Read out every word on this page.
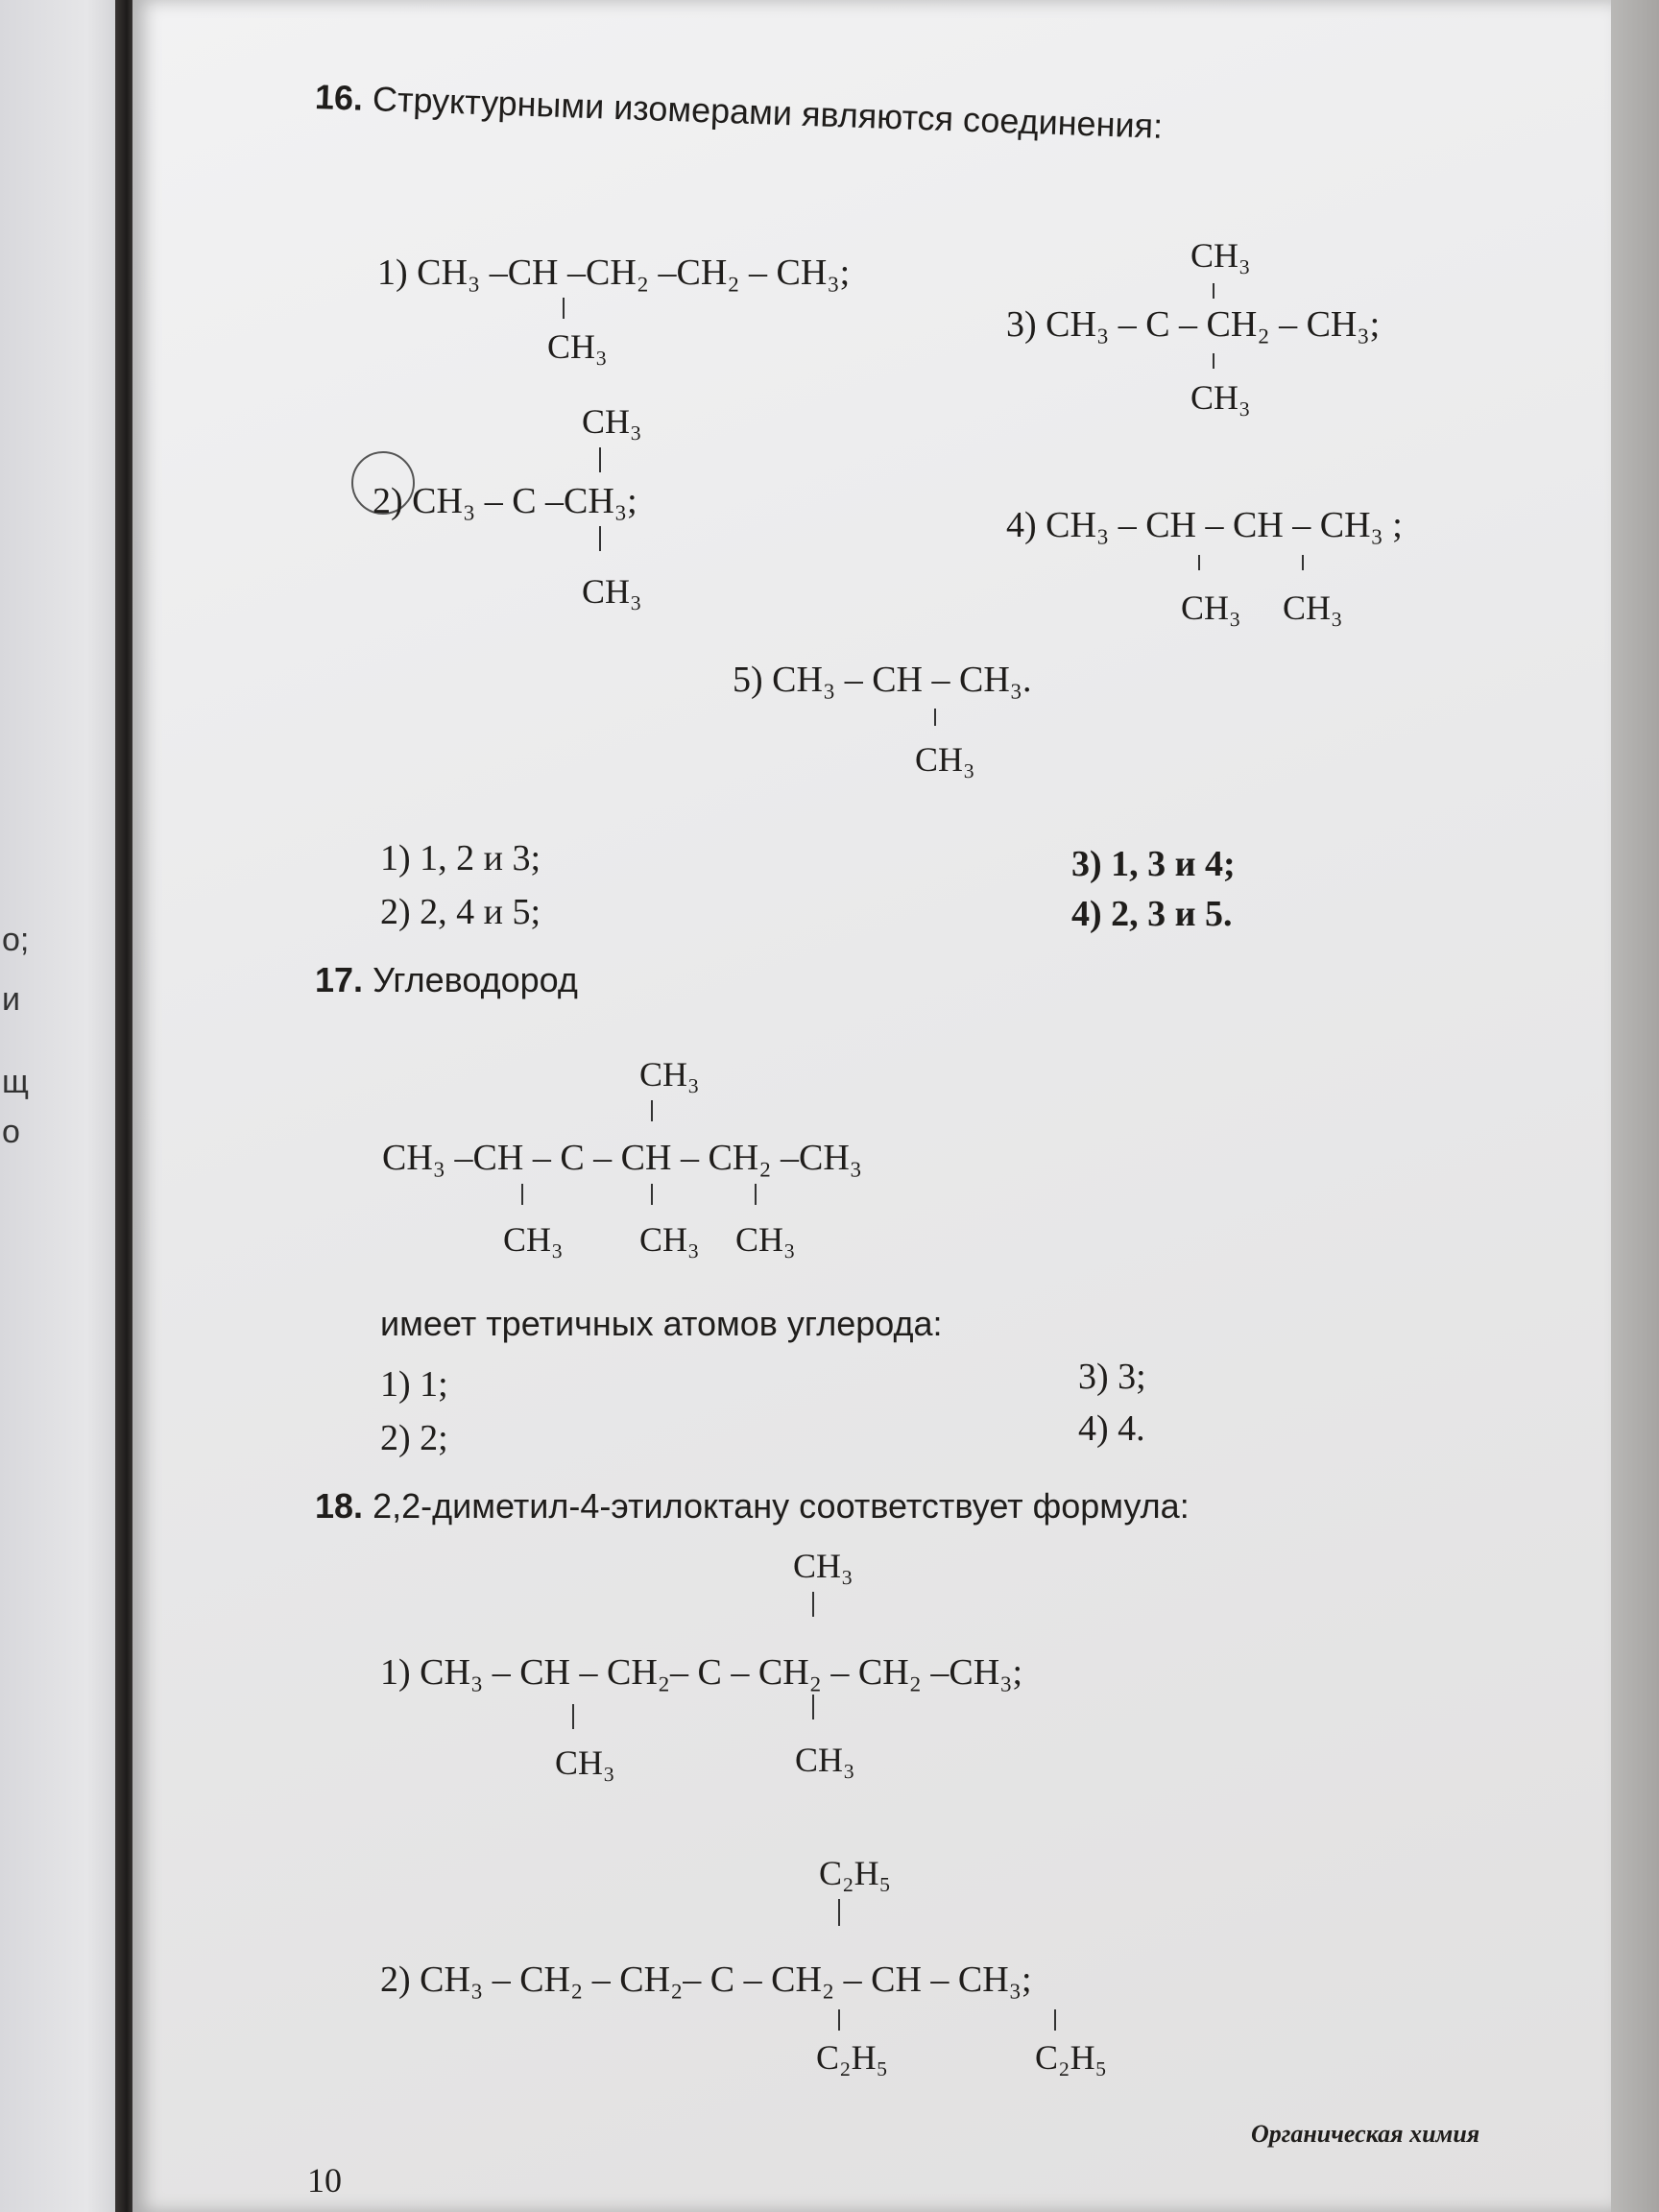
о;
и
щ
о
16. Структурными изомерами являются соединения:
1) CH₃ –CH –CH₂ –CH₂ – CH₃;
CH₃
CH₃
3) CH₃ – C – CH₂ – CH₃;
CH₃
CH₃
2) CH₃ – C –CH₃;
CH₃
4) CH₃ – CH – CH – CH₃ ;
CH₃ CH₃
5) CH₃ – CH – CH₃.
CH₃
1) 1, 2 и 3;
2) 2, 4 и 5;
3) 1, 3 и 4;
4) 2, 3 и 5.
17. Углеводород
CH₃
CH₃ –CH – C – CH – CH₂ –CH₃
CH₃ CH₃ CH₃
имеет третичных атомов углерода:
1) 1;
2) 2;
3) 3;
4) 4.
18. 2,2-диметил-4-этилоктану соответствует формула:
CH₃
1) CH₃ – CH – CH₂– C – CH₂ – CH₂ –CH₃;
CH₃	CH₃
C₂H₅
2) CH₃ – CH₂ – CH₂– C – CH₂ – CH – CH₃;
C₂H₅	C₂H₅
Органическая химия
10
